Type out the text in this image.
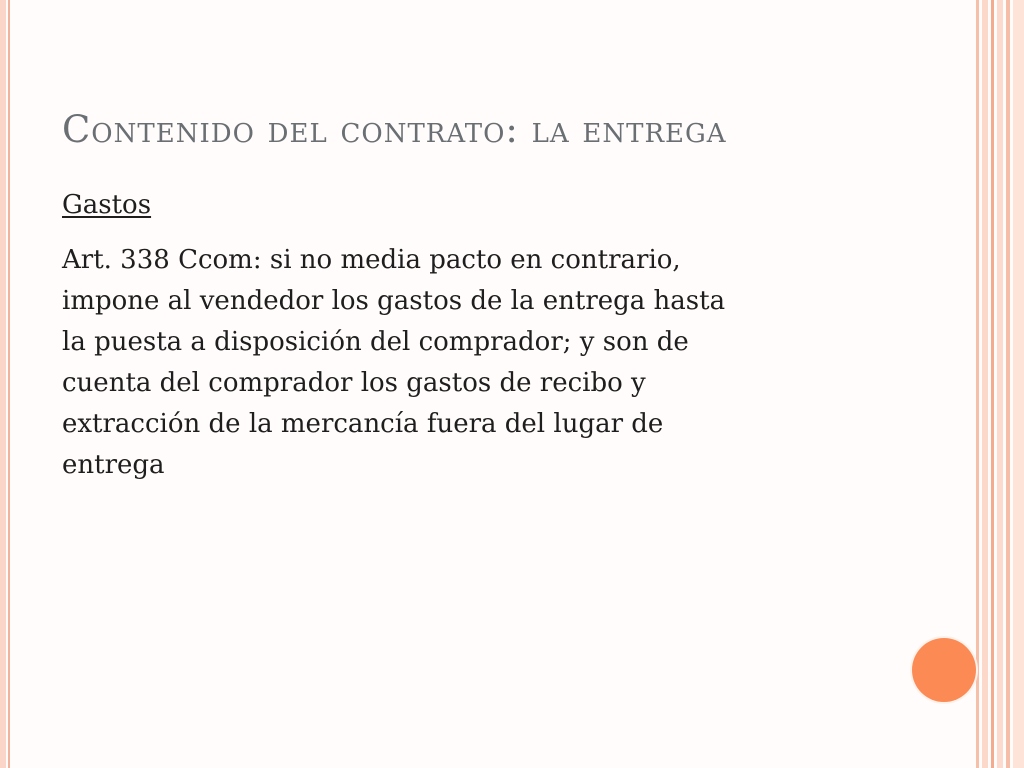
Contenido del contrato: la entrega

Gastos

Art. 338 Ccom: si no media pacto en contrario,
impone al vendedor los gastos de la entrega hasta
la puesta a disposición del comprador; y son de
cuenta del comprador los gastos de recibo y
extracción de la mercancía fuera del lugar de
entrega
